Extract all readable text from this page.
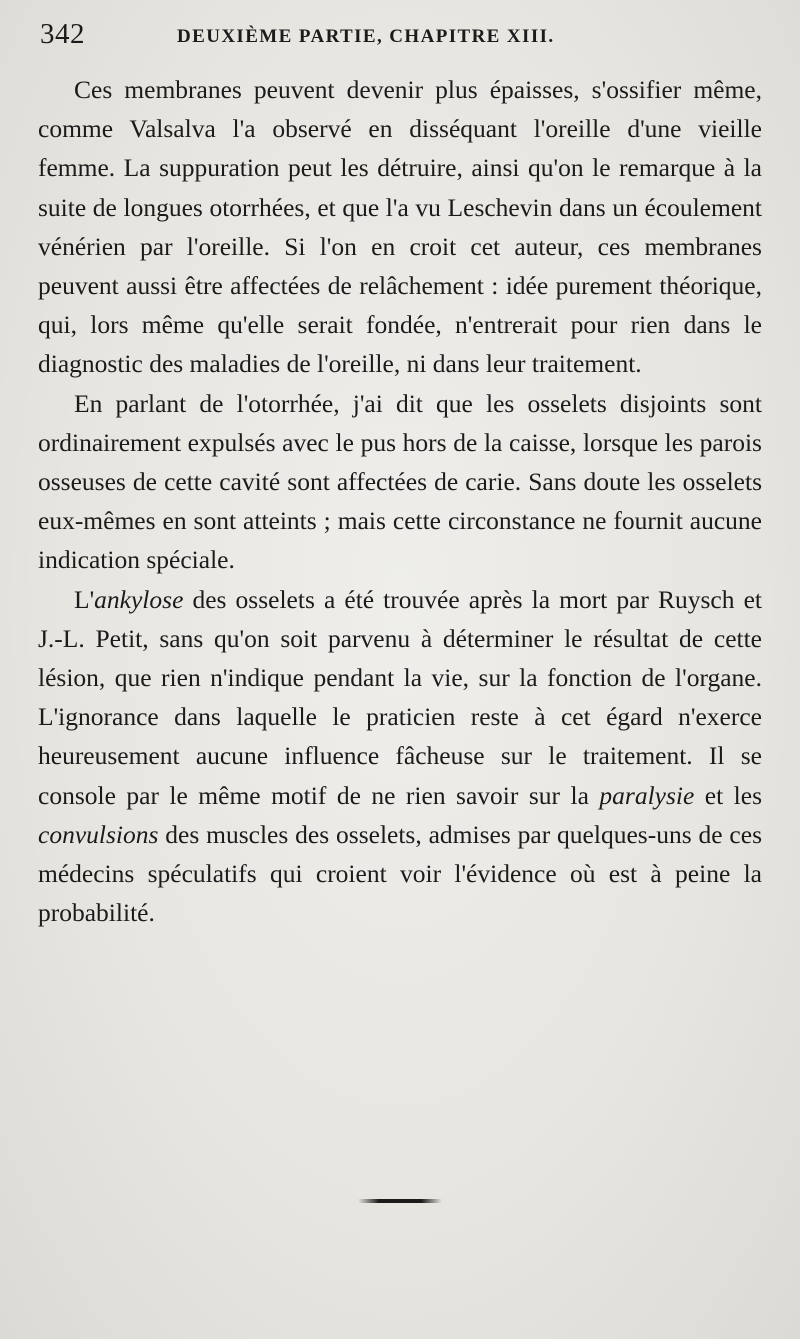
342	DEUXIÈME PARTIE, CHAPITRE XIII.

Ces membranes peuvent devenir plus épaisses, s'ossifier même, comme Valsalva l'a observé en disséquant l'oreille d'une vieille femme. La suppuration peut les détruire, ainsi qu'on le remarque à la suite de longues otorrhées, et que l'a vu Leschevin dans un écoulement vénérien par l'oreille. Si l'on en croit cet auteur, ces membranes peuvent aussi être affectées de relâchement : idée purement théorique, qui, lors même qu'elle serait fondée, n'entrerait pour rien dans le diagnostic des maladies de l'oreille, ni dans leur traitement.

En parlant de l'otorrhée, j'ai dit que les osselets disjoints sont ordinairement expulsés avec le pus hors de la caisse, lorsque les parois osseuses de cette cavité sont affectées de carie. Sans doute les osselets eux-mêmes en sont atteints ; mais cette circonstance ne fournit aucune indication spéciale.

L'ankylose des osselets a été trouvée après la mort par Ruysch et J.-L. Petit, sans qu'on soit parvenu à déterminer le résultat de cette lésion, que rien n'indique pendant la vie, sur la fonction de l'organe. L'ignorance dans laquelle le praticien reste à cet égard n'exerce heureusement aucune influence fâcheuse sur le traitement. Il se console par le même motif de ne rien savoir sur la paralysie et les convulsions des muscles des osselets, admises par quelques-uns de ces médecins spéculatifs qui croient voir l'évidence où est à peine la probabilité.
